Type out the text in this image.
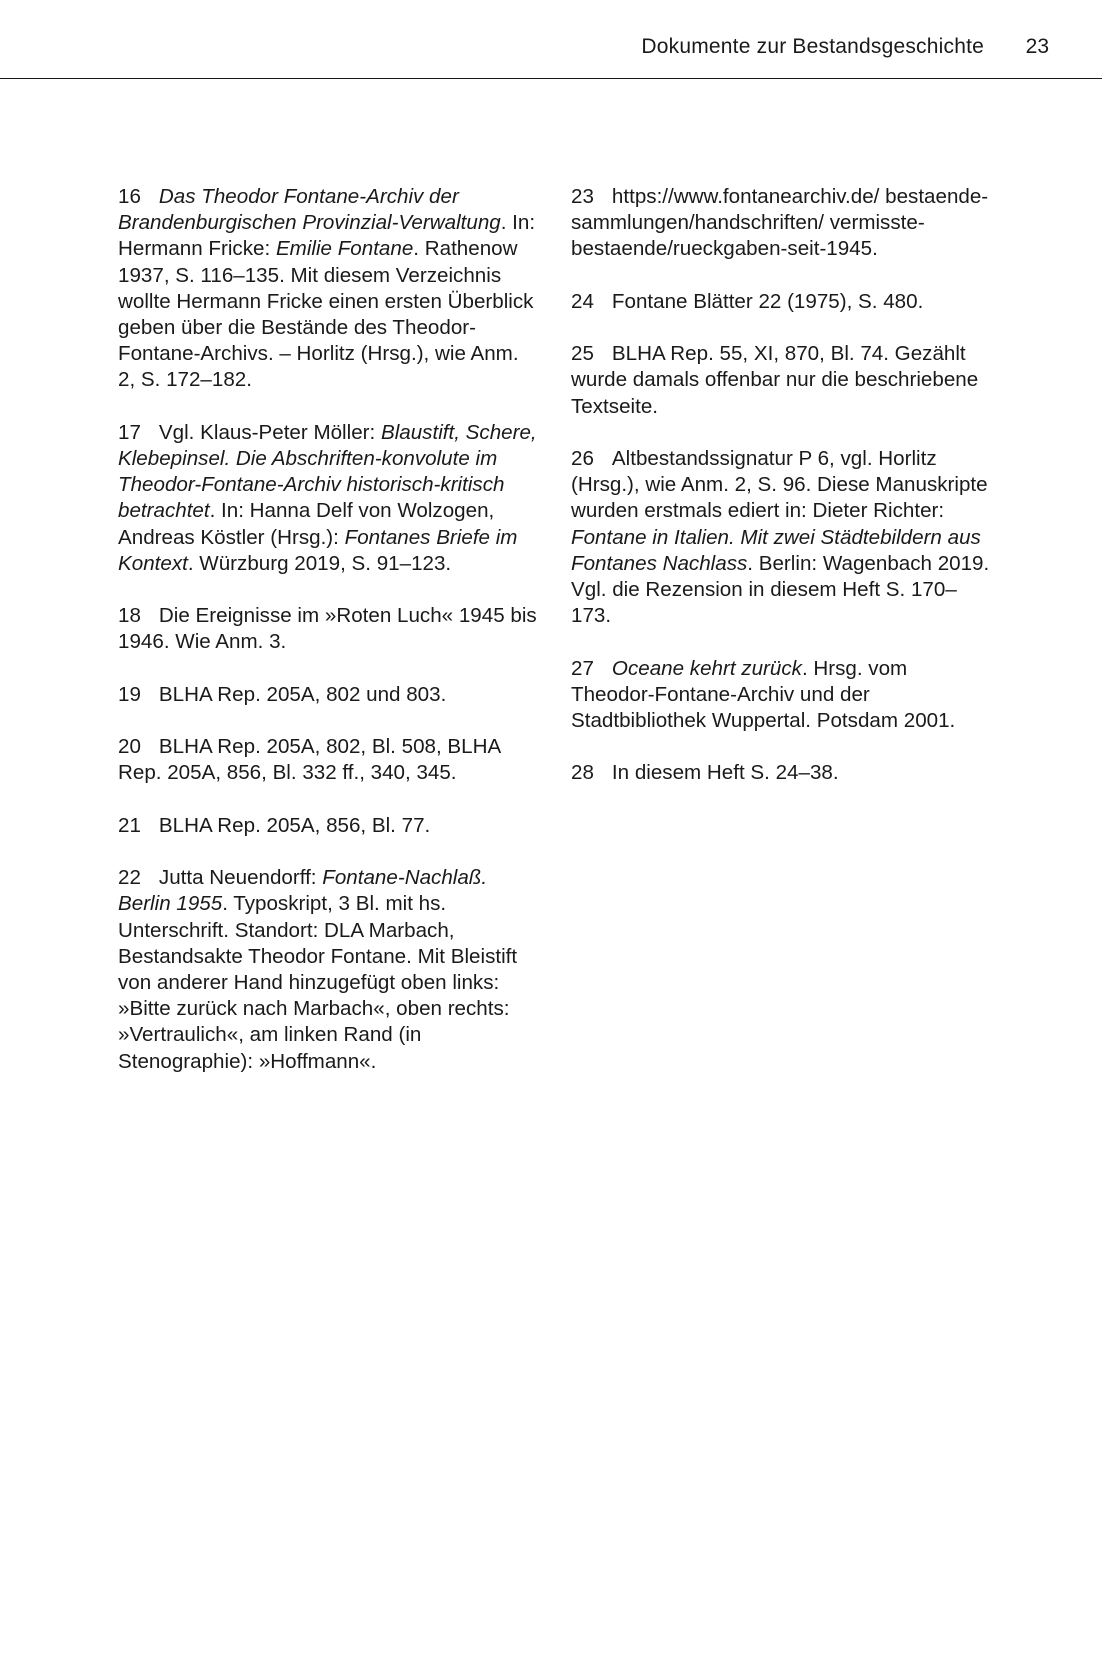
Dokumente zur Bestandsgeschichte 23

16 Das Theodor Fontane-Archiv der Brandenburgischen Provinzial-Verwaltung. In: Hermann Fricke: Emilie Fontane. Rathenow 1937, S. 116–135. Mit diesem Verzeichnis wollte Hermann Fricke einen ersten Überblick geben über die Bestände des Theodor-Fontane-Archivs. – Horlitz (Hrsg.), wie Anm. 2, S. 172–182.

17 Vgl. Klaus-Peter Möller: Blaustift, Schere, Klebepinsel. Die Abschriften-konvolute im Theodor-Fontane-Archiv historisch-kritisch betrachtet. In: Hanna Delf von Wolzogen, Andreas Köstler (Hrsg.): Fontanes Briefe im Kontext. Würzburg 2019, S. 91–123.

18 Die Ereignisse im »Roten Luch« 1945 bis 1946. Wie Anm. 3.

19 BLHA Rep. 205A, 802 und 803.

20 BLHA Rep. 205A, 802, Bl. 508, BLHA Rep. 205A, 856, Bl. 332 ff., 340, 345.

21 BLHA Rep. 205A, 856, Bl. 77.

22 Jutta Neuendorff: Fontane-Nachlaß. Berlin 1955. Typoskript, 3 Bl. mit hs. Unterschrift. Standort: DLA Marbach, Bestandsakte Theodor Fontane. Mit Bleistift von anderer Hand hinzugefügt oben links: »Bitte zurück nach Marbach«, oben rechts: »Vertraulich«, am linken Rand (in Stenographie): »Hoffmann«.

23 https://www.fontanearchiv.de/ bestaende-sammlungen/handschriften/ vermisste-bestaende/rueckgaben-seit-1945.

24 Fontane Blätter 22 (1975), S. 480.

25 BLHA Rep. 55, XI, 870, Bl. 74. Gezählt wurde damals offenbar nur die beschriebene Textseite.

26 Altbestandssignatur P 6, vgl. Horlitz (Hrsg.), wie Anm. 2, S. 96. Diese Manuskripte wurden erstmals ediert in: Dieter Richter: Fontane in Italien. Mit zwei Städtebildern aus Fontanes Nachlass. Berlin: Wagenbach 2019. Vgl. die Rezension in diesem Heft S. 170–173.

27 Oceane kehrt zurück. Hrsg. vom Theodor-Fontane-Archiv und der Stadtbibliothek Wuppertal. Potsdam 2001.

28 In diesem Heft S. 24–38.
